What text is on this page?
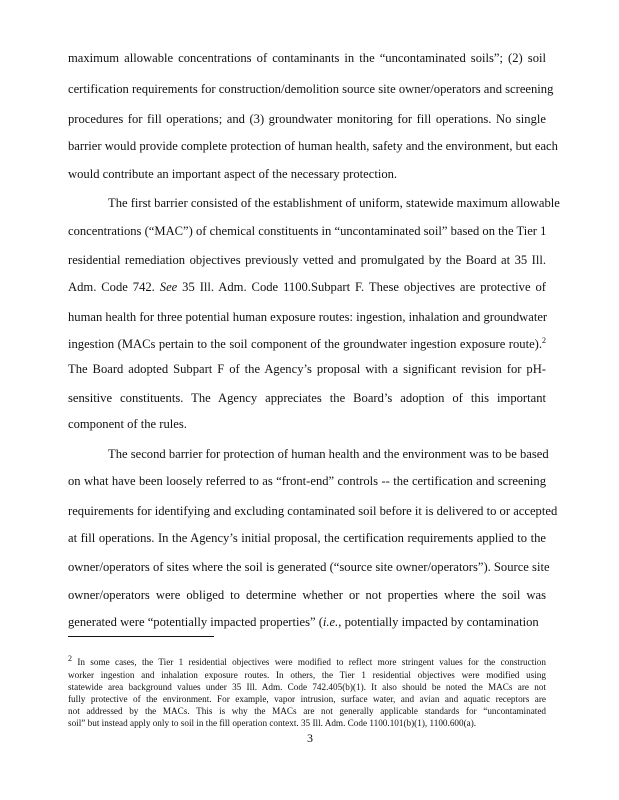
maximum allowable concentrations of contaminants in the “uncontaminated soils”; (2) soil
certification requirements for construction/demolition source site owner/operators and screening
procedures for fill operations; and (3) groundwater monitoring for fill operations. No single
barrier would provide complete protection of human health, safety and the environment, but each
would contribute an important aspect of the necessary protection.
The first barrier consisted of the establishment of uniform, statewide maximum allowable
concentrations (“MAC”) of chemical constituents in “uncontaminated soil” based on the Tier 1
residential remediation objectives previously vetted and promulgated by the Board at 35 Ill.
Adm. Code 742. See 35 Ill. Adm. Code 1100.Subpart F. These objectives are protective of
human health for three potential human exposure routes: ingestion, inhalation and groundwater
ingestion (MACs pertain to the soil component of the groundwater ingestion exposure route).$^2$
The Board adopted Subpart F of the Agency’s proposal with a significant revision for pH-
sensitive constituents. The Agency appreciates the Board’s adoption of this important
component of the rules.
The second barrier for protection of human health and the environment was to be based
on what have been loosely referred to as “front-end” controls -- the certification and screening
requirements for identifying and excluding contaminated soil before it is delivered to or accepted
at fill operations. In the Agency’s initial proposal, the certification requirements applied to the
owner/operators of sites where the soil is generated (“source site owner/operators”). Source site
owner/operators were obliged to determine whether or not properties where the soil was
generated were “potentially impacted properties” (i.e., potentially impacted by contamination
$^2$ In some cases, the Tier 1 residential objectives were modified to reflect more stringent values for the construction
worker ingestion and inhalation exposure routes. In others, the Tier 1 residential objectives were modified using
statewide area background values under 35 Ill. Adm. Code 742.405(b)(1). It also should be noted the MACs are not
fully protective of the environment. For example, vapor intrusion, surface water, and avian and aquatic receptors are
not addressed by the MACs. This is why the MACs are not generally applicable standards for “uncontaminated
soil” but instead apply only to soil in the fill operation context. 35 Ill. Adm. Code 1100.101(b)(1), 1100.600(a).
3
